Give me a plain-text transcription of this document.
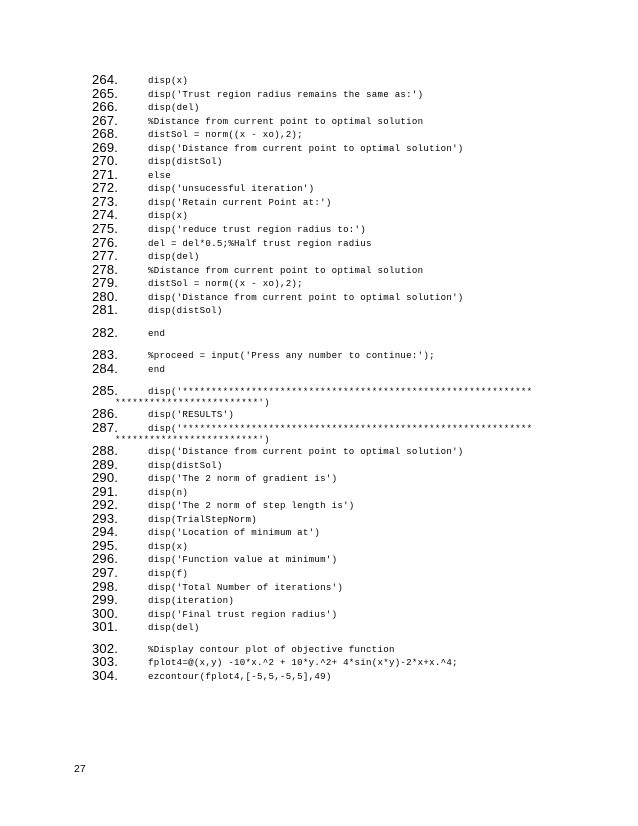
264.	disp(x)
265.	disp('Trust region radius remains the same as:')
266.	disp(del)
267.	%Distance from current point to optimal solution
268.	distSol = norm((x - xo),2);
269.	disp('Distance from current point to optimal solution')
270.	disp(distSol)
271.	else
272.	disp('unsucessful iteration')
273.	disp('Retain current Point at:')
274.	disp(x)
275.	disp('reduce trust region radius to:')
276.	del = del*0.5;%Half trust region radius
277.	disp(del)
278.	%Distance from current point to optimal solution
279.	distSol = norm((x - xo),2);
280.	disp('Distance from current point to optimal solution')
281.	disp(distSol)
282.	end
283.	%proceed = input('Press any number to continue:');
284.	end
285.	disp('*************************************************************
*************************')
286.	disp('RESULTS')
287.	disp('*************************************************************
*************************')
288.	disp('Distance from current point to optimal solution')
289.	disp(distSol)
290.	disp('The 2 norm of gradient is')
291.	disp(n)
292.	disp('The 2 norm of step length is')
293.	disp(TrialStepNorm)
294.	disp('Location of minimum at')
295.	disp(x)
296.	disp('Function value at minimum')
297.	disp(f)
298.	disp('Total Number of iterations')
299.	disp(iteration)
300.	disp('Final trust region radius')
301.	disp(del)
302.	%Display contour plot of objective function
303.	fplot4=@(x,y) -10*x.^2 + 10*y.^2+ 4*sin(x*y)-2*x+x.^4;
304.	ezcontour(fplot4,[-5,5,-5,5],49)
27
